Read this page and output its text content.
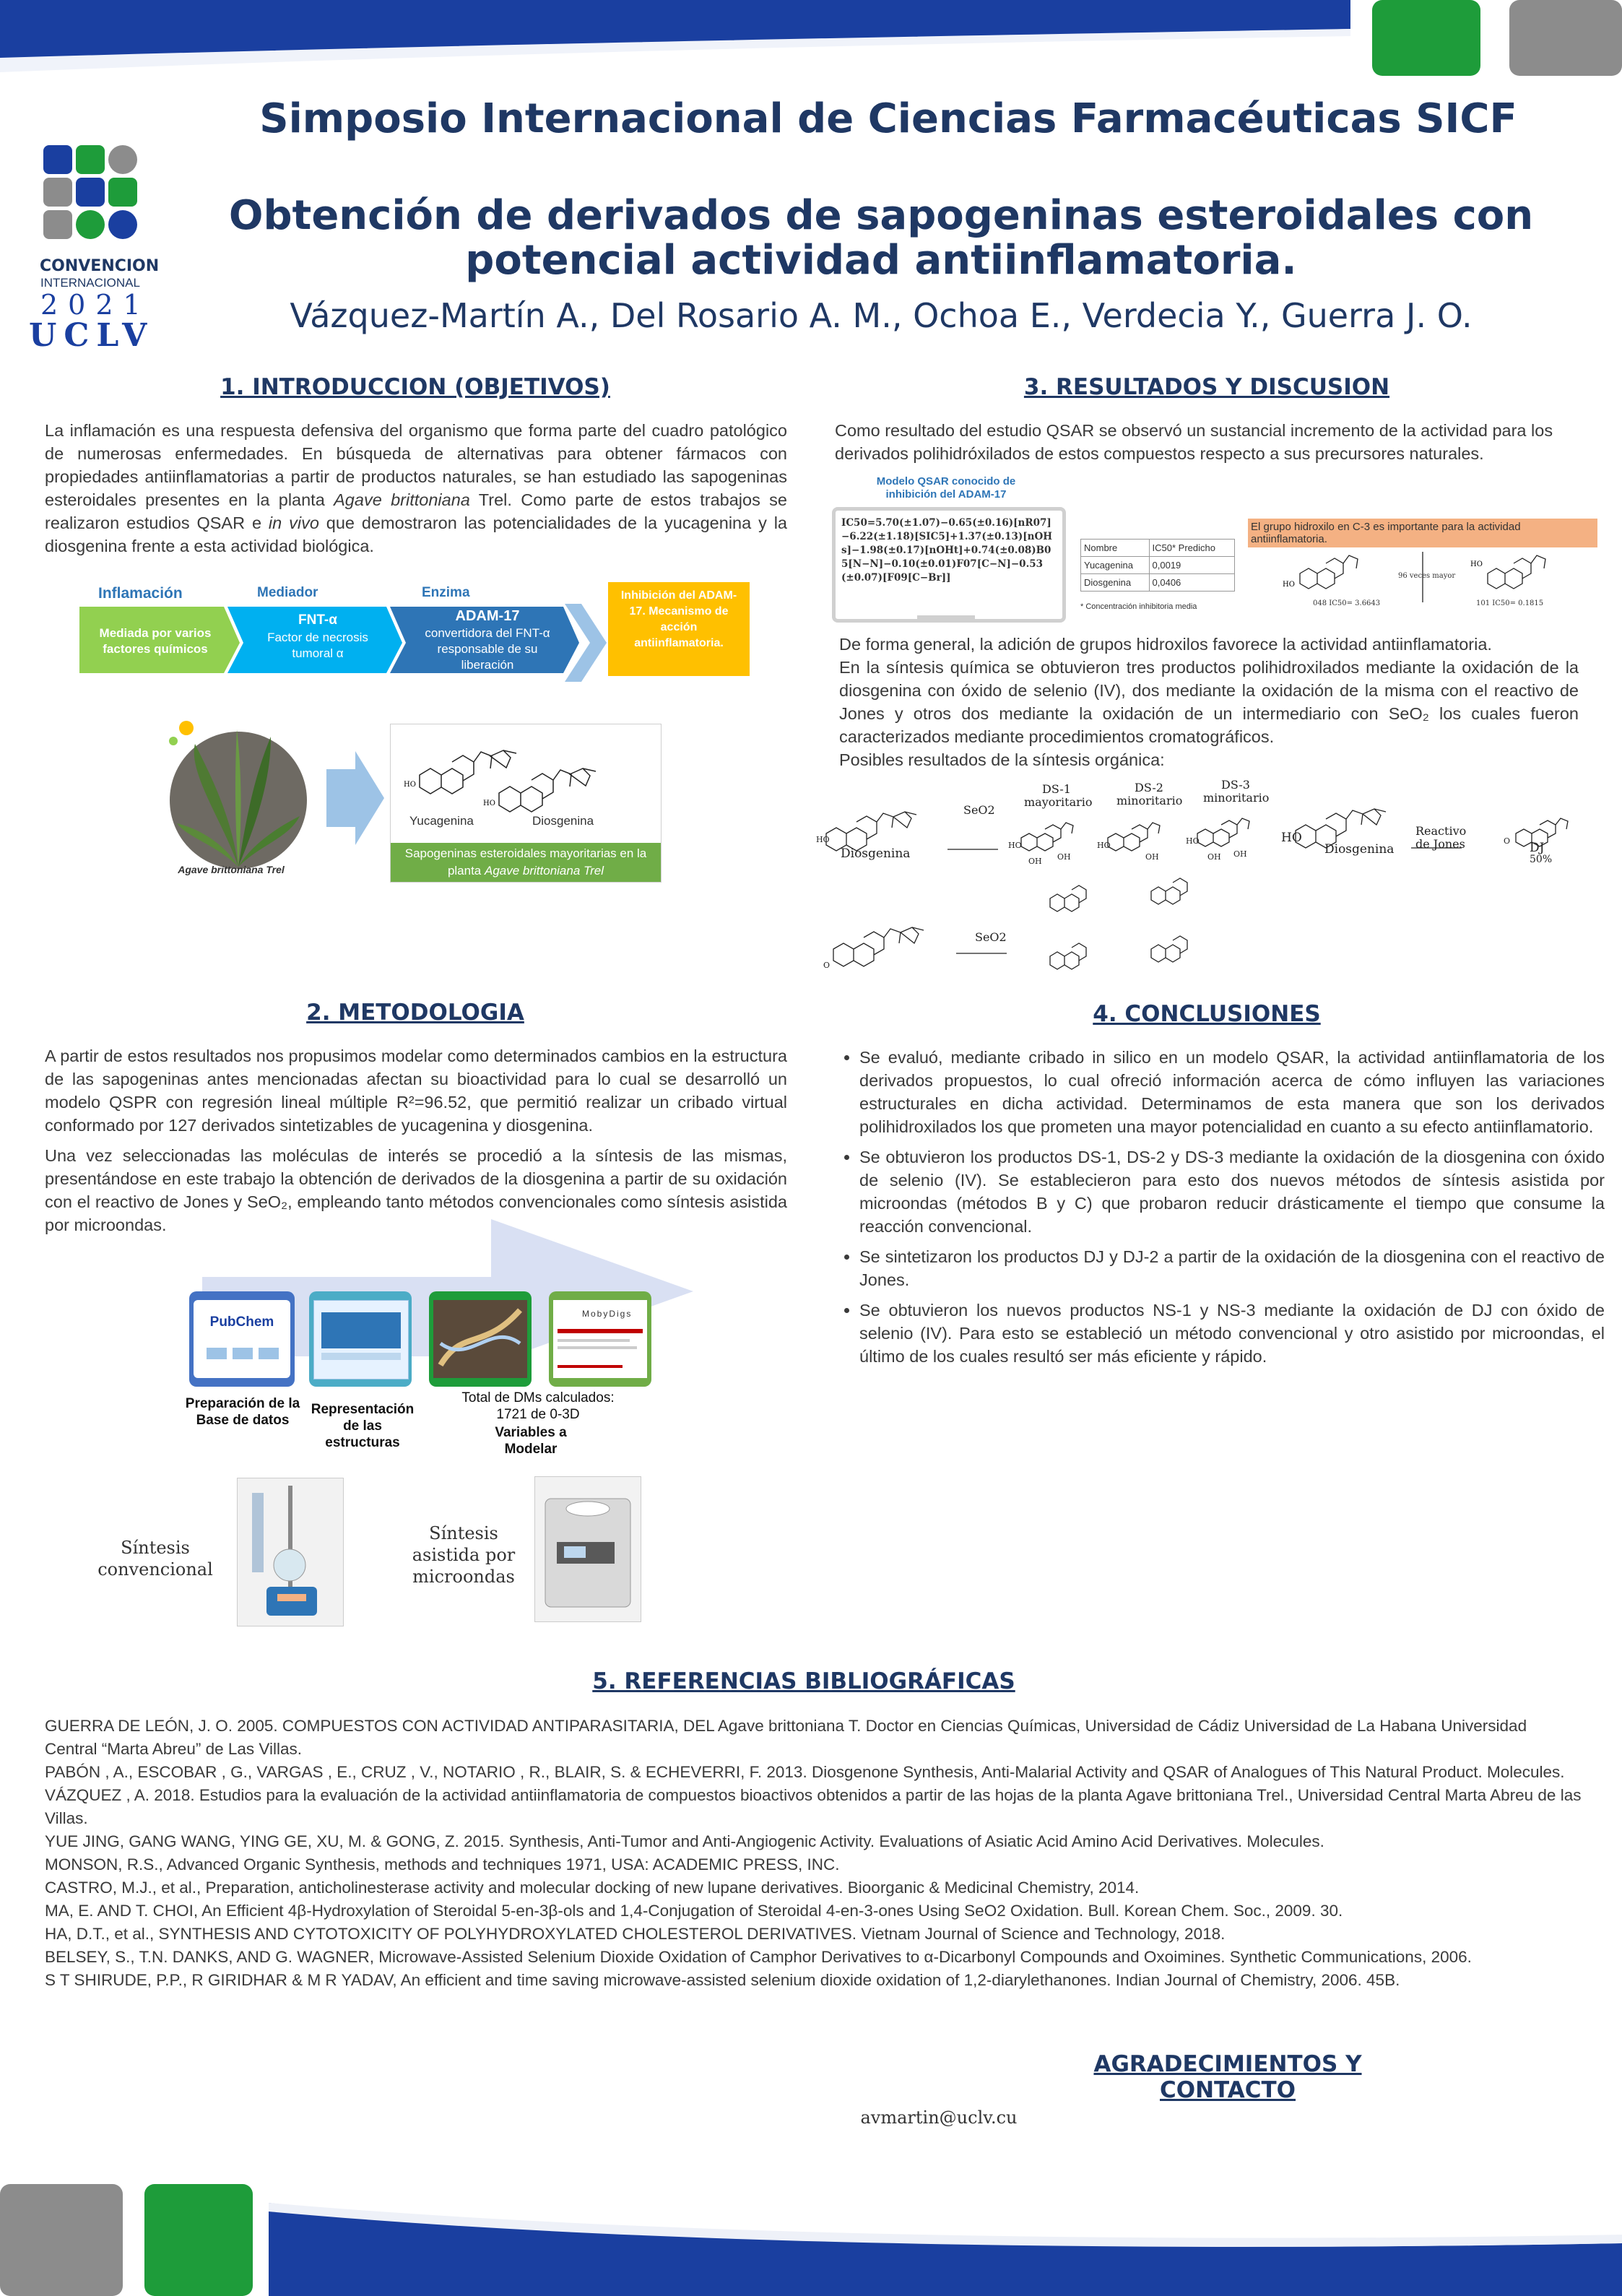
CONVENCION
INTERNACIONAL
2021
UCLV
Simposio Internacional de Ciencias Farmacéuticas SICF
Obtención de derivados de sapogeninas esteroidales con
potencial actividad antiinflamatoria.
Vázquez-Martín A., Del Rosario A. M., Ochoa E., Verdecia Y., Guerra J. O.
1. INTRODUCCION (OBJETIVOS)
La inflamación es una respuesta defensiva del organismo que forma parte del cuadro patológico de numerosas enfermedades. En búsqueda de alternativas para obtener fármacos con propiedades antiinflamatorias a partir de productos naturales, se han estudiado las sapogeninas esteroidales presentes en la planta Agave brittoniana Trel. Como parte de estos trabajos se realizaron estudios QSAR e in vivo que demostraron las potencialidades de la yucagenina y la diosgenina frente a esta actividad biológica.
Inflamación	Mediador	Enzima
Mediada por varios factores químicos
FNT-α
Factor de necrosis tumoral α
ADAM-17
convertidora del FNT-α responsable de su liberación
Inhibición del ADAM-17. Mecanismo de acción antiinflamatoria.
Agave brittoniana Trel
HO
HO
Yucagenina	Diosgenina
Sapogeninas esteroidales mayoritarias en la planta Agave brittoniana Trel
2. METODOLOGIA
A partir de estos resultados nos propusimos modelar como determinados cambios en la estructura de las sapogeninas antes mencionadas afectan su bioactividad para lo cual se desarrolló un modelo QSPR con regresión lineal múltiple R²=96.52, que permitió realizar un cribado virtual conformado por 127 derivados sintetizables de yucagenina y diosgenina.
Una vez seleccionadas las moléculas de interés se procedió a la síntesis de las mismas, presentándose en este trabajo la obtención de derivados de la diosgenina a partir de su oxidación con el reactivo de Jones y SeO₂, empleando tanto métodos convencionales como síntesis asistida por microondas.
PubChem
MobyDigs
Preparación de la Base de datos
Representación de las estructuras
Total de DMs calculados: 1721 de 0-3D
Variables a Modelar
Síntesis convencional
Síntesis asistida por microondas
3. RESULTADOS Y DISCUSION
Como resultado del estudio QSAR se observó un sustancial incremento de la actividad para los derivados polihidróxilados de estos compuestos respecto a sus precursores naturales.
Modelo QSAR conocido de inhibición del ADAM-17
IC50=5.70(±1.07)−0.65(±0.16)[nR07]−6.22(±1.18)[SIC5]+1.37(±0.13)[nOHs]−1.98(±0.17)[nOHt]+0.74(±0.08)B05[N−N]−0.10(±0.01)F07[C−N]−0.53(±0.07)[F09[C−Br]]
Nombre	IC50* Predicho
Yucagenina	0,0019
Diosgenina	0,0406
* Concentración inhibitoria media
El grupo hidroxilo en C-3 es importante para la actividad antiinflamatoria.
HO
HO
96 veces mayor
048 IC50= 3.6643	101 IC50= 0.1815
De forma general, la adición de grupos hidroxilos favorece la actividad antiinflamatoria.
En la síntesis química se obtuvieron tres productos polihidroxilados mediante la oxidación de la diosgenina con óxido de selenio (IV), dos mediante la oxidación de la misma con el reactivo de Jones y otros dos mediante la oxidación de un intermediario con SeO₂ los cuales fueron caracterizados mediante procedimientos cromatográficos.
Posibles resultados de la síntesis orgánica:
HO
HO
OH OH
HO
OH
HO
OH OH
O
O
Diosgenina
SeO2
DS-1 mayoritario
DS-2 minoritario
DS-3 minoritario
HO
Diosgenina
Reactivo de Jones	DJ
50%
SeO2
4. CONCLUSIONES
• Se evaluó, mediante cribado in silico en un modelo QSAR, la actividad antiinflamatoria de los derivados propuestos, lo cual ofreció información acerca de cómo influyen las variaciones estructurales en dicha actividad. Determinamos de esta manera que son los derivados polihidroxilados los que prometen una mayor potencialidad en cuanto a su efecto antiinflamatorio.
• Se obtuvieron los productos DS-1, DS-2 y DS-3 mediante la oxidación de la diosgenina con óxido de selenio (IV). Se establecieron para esto dos nuevos métodos de síntesis asistida por microondas (métodos B y C) que probaron reducir drásticamente el tiempo que consume la reacción convencional.
• Se sintetizaron los productos DJ y DJ-2 a partir de la oxidación de la diosgenina con el reactivo de Jones.
• Se obtuvieron los nuevos productos NS-1 y NS-3 mediante la oxidación de DJ con óxido de selenio (IV). Para esto se estableció un método convencional y otro asistido por microondas, el último de los cuales resultó ser más eficiente y rápido.
5. REFERENCIAS BIBLIOGRÁFICAS

GUERRA DE LEÓN, J. O. 2005. COMPUESTOS CON ACTIVIDAD ANTIPARASITARIA, DEL Agave brittoniana T. Doctor en Ciencias Químicas, Universidad de Cádiz Universidad de La Habana Universidad Central “Marta Abreu” de Las Villas.

PABÓN , A., ESCOBAR , G., VARGAS , E., CRUZ , V., NOTARIO , R., BLAIR, S. & ECHEVERRI, F. 2013. Diosgenone Synthesis, Anti-Malarial Activity and QSAR of Analogues of This Natural Product. Molecules.

VÁZQUEZ , A. 2018. Estudios para la evaluación de la actividad antiinflamatoria de compuestos bioactivos obtenidos a partir de las hojas de la planta Agave brittoniana Trel., Universidad Central Marta Abreu de las Villas.

YUE JING, GANG WANG, YING GE, XU, M. & GONG, Z. 2015. Synthesis, Anti-Tumor and Anti-Angiogenic Activity. Evaluations of Asiatic Acid Amino Acid Derivatives. Molecules.

MONSON, R.S., Advanced Organic Synthesis, methods and techniques 1971, USA: ACADEMIC PRESS, INC.

CASTRO, M.J., et al., Preparation, anticholinesterase activity and molecular docking of new lupane derivatives. Bioorganic & Medicinal Chemistry, 2014.

MA, E. AND T. CHOI, An Efficient 4β-Hydroxylation of Steroidal 5-en-3β-ols and 1,4-Conjugation of Steroidal 4-en-3-ones Using SeO2 Oxidation. Bull. Korean Chem. Soc., 2009. 30.

HA, D.T., et al., SYNTHESIS AND CYTOTOXICITY OF POLYHYDROXYLATED CHOLESTEROL DERIVATIVES. Vietnam Journal of Science and Technology, 2018.

BELSEY, S., T.N. DANKS, AND G. WAGNER, Microwave-Assisted Selenium Dioxide Oxidation of Camphor Derivatives to α-Dicarbonyl Compounds and Oxoimines. Synthetic Communications, 2006.

S T SHIRUDE, P.P., R GIRIDHAR & M R YADAV, An efficient and time saving microwave-assisted selenium dioxide oxidation of 1,2-diarylethanones. Indian Journal of Chemistry, 2006. 45B.

AGRADECIMIENTOS Y CONTACTO
avmartin@uclv.cu
